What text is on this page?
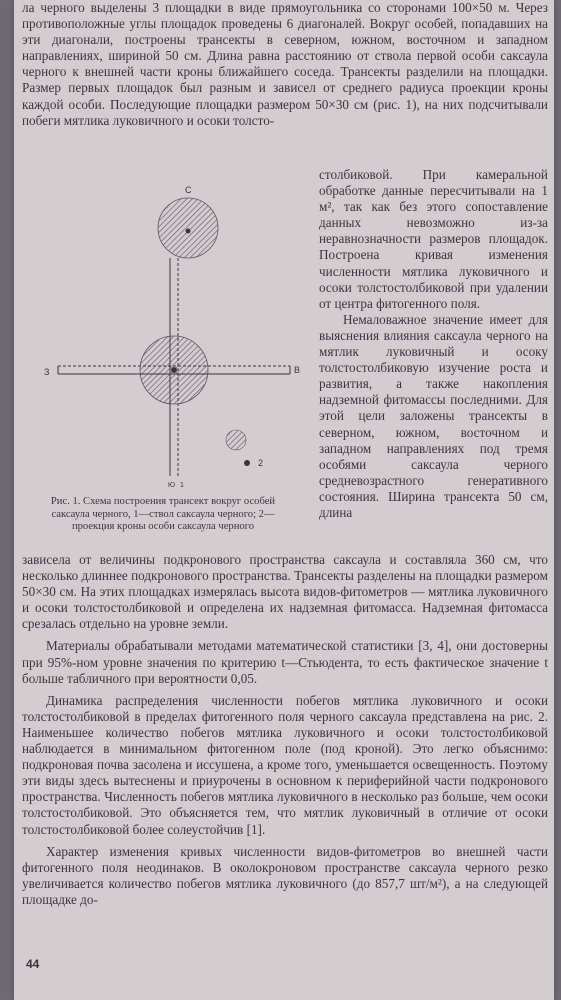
ла черного выделены 3 площадки в виде прямоугольника со сторонами 100×50 м. Через противоположные углы площадок проведены 6 диагоналей. Вокруг особей, попадавших на эти диагонали, построены трансекты в северном, южном, восточном и западном направлениях, шириной 50 см. Длина равна расстоянию от ствола первой особи саксаула черного к внешней части кроны ближайшего соседа. Трансекты разделили на площадки. Размер первых площадок был разным и зависел от среднего радиуса проекции кроны каждой особи. Последующие площадки размером 50×30 см (рис. 1), на них подсчитывали побеги мятлика луковичного и осоки толсто-

С
В
З
Ю 1
2

Рис. 1. Схема построения трансект вокруг особей саксаула черного, 1—ствол саксаула черного; 2—проекция кроны особи саксаула черного

столбиковой. При камеральной обработке данные пересчитывали на 1 м², так как без этого сопоставление данных невозможно из-за неравнозначности размеров площадок. Построена кривая изменения численности мятлика луковичного и осоки толстостолбиковой при удалении от центра фитогенного поля.

Немаловажное значение имеет для выяснения влияния саксаула черного на мятлик луковичный и осоку толстостолбиковую изучение роста и развития, а также накопления надземной фитомассы последними. Для этой цели заложены трансекты в северном, южном, восточном и западном направлениях под тремя особями саксаула черного средневозрастного генеративного состояния. Ширина трансекта 50 см, длина

зависела от величины подкронового пространства саксаула и составляла 360 см, что несколько длиннее подкронового пространства. Трансекты разделены на площадки размером 50×30 см. На этих площадках измерялась высота видов-фитометров — мятлика луковичного и осоки толстостолбиковой и определена их надземная фитомасса. Надземная фитомасса срезалась отдельно на уровне земли.

Материалы обрабатывали методами математической статистики [3, 4], они достоверны при 95%-ном уровне значения по критерию t—Стьюдента, то есть фактическое значение t больше табличного при вероятности 0,05.

Динамика распределения численности побегов мятлика луковичного и осоки толстостолбиковой в пределах фитогенного поля черного саксаула представлена на рис. 2. Наименьшее количество побегов мятлика луковичного и осоки толстостолбиковой наблюдается в минимальном фитогенном поле (под кроной). Это легко объяснимо: подкроновая почва засолена и иссушена, а кроме того, уменьшается освещенность. Поэтому эти виды здесь вытеснены и приурочены в основном к периферийной части подкронового пространства. Численность побегов мятлика луковичного в несколько раз больше, чем осоки толстостолбиковой. Это объясняется тем, что мятлик луковичный в отличие от осоки толстостолбиковой более солеустойчив [1].

Характер изменения кривых численности видов-фитометров во внешней части фитогенного поля неодинаков. В околокроновом пространстве саксаула черного резко увеличивается количество побегов мятлика луковичного (до 857,7 шт/м²), а на следующей площадке до-

44
